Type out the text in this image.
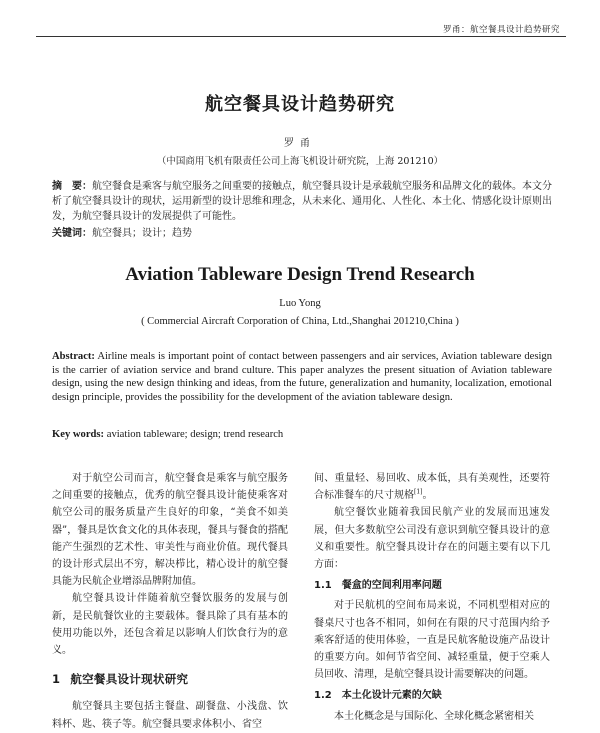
罗甬：航空餐具设计趋势研究
航空餐具设计趋势研究
罗甬
（中国商用飞机有限责任公司上海飞机设计研究院，上海 201210）
摘　要：航空餐食是乘客与航空服务之间重要的接触点，航空餐具设计是承载航空服务和品牌文化的载体。本文分析了航空餐具设计的现状，运用新型的设计思维和理念，从未来化、通用化、人性化、本土化、情感化设计原则出发，为航空餐具设计的发展提供了可能性。
关键词：航空餐具；设计；趋势
Aviation Tableware Design Trend Research
Luo Yong
( Commercial Aircraft Corporation of China, Ltd.,Shanghai 201210,China )
Abstract: Airline meals is important point of contact between passengers and air services, Aviation tableware design is the carrier of aviation service and brand culture. This paper analyzes the present situation of Aviation tableware design, using the new design thinking and ideas, from the future, generalization and humanity, localization, emotional design principle, provides the possibility for the development of the aviation tableware design.
Key words: aviation tableware; design; trend research

对于航空公司而言，航空餐食是乘客与航空服务之间重要的接触点，优秀的航空餐具设计能使乘客对航空公司的服务质量产生良好的印象，“美食不如美器”，餐具是饮食文化的具体表现，餐具与餐食的搭配能产生强烈的艺术性、审美性与商业价值。现代餐具的设计形式层出不穷，解决栉比，精心设计的航空餐具能为民航企业增添品牌附加值。

航空餐具设计伴随着航空餐饮服务的发展与创新，是民航餐饮业的主要载体。餐具除了具有基本的使用功能以外，还包含着足以影响人们饮食行为的意义。

1 航空餐具设计现状研究

航空餐具主要包括主餐盘、副餐盘、小浅盘、饮料杯、匙、筷子等。航空餐具要求体积小、省空

间、重量轻、易回收、成本低，具有美观性，还要符合标准餐车的尺寸规格[1]。

航空餐饮业随着我国民航产业的发展而迅速发展，但大多数航空公司没有意识到航空餐具设计的意义和重要性。航空餐具设计存在的问题主要有以下几方面：

1.1 餐盒的空间利用率问题

对于民航机的空间布局来说，不同机型相对应的餐桌尺寸也各不相同，如何在有限的尺寸范围内给予乘客舒适的使用体验，一直是民航客舱设施产品设计的重要方向。如何节省空间、减轻重量，便于空乘人员回收、清理，是航空餐具设计需要解决的问题。

1.2 本土化设计元素的欠缺

本土化概念是与国际化、全球化概念紧密相关
